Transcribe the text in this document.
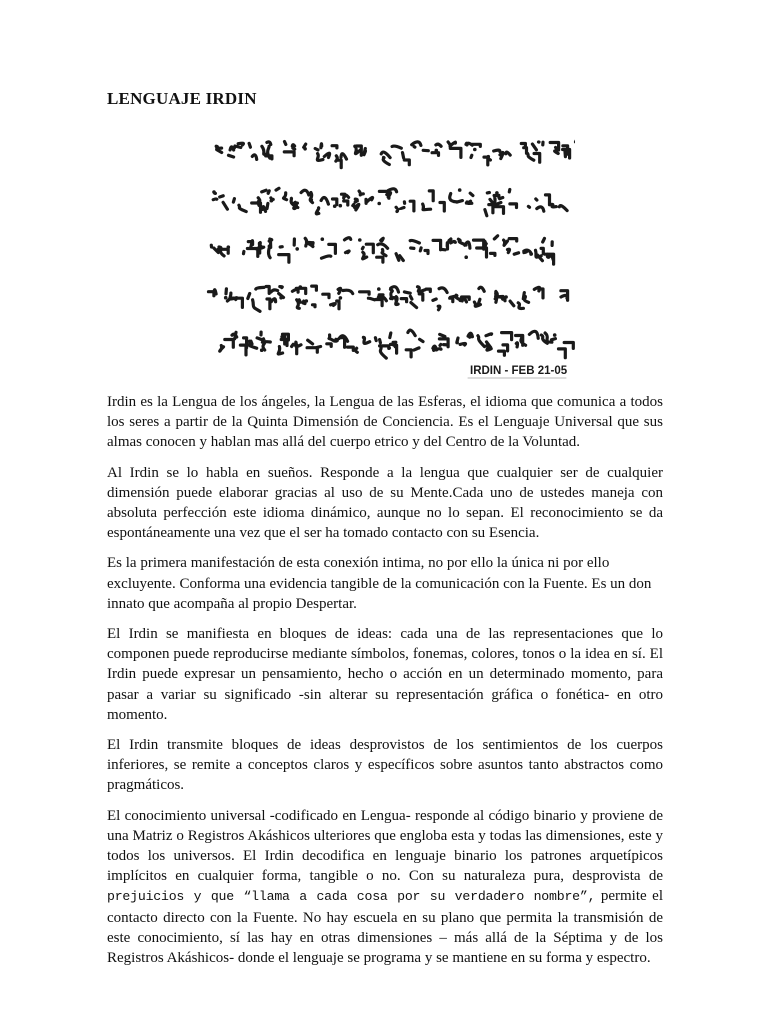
LENGUAJE IRDIN
IRDIN - FEB 21-05

Irdin es la Lengua de los ángeles, la Lengua de las Esferas, el idioma que comunica a todos los seres a partir de la Quinta Dimensión de Conciencia. Es el Lenguaje Universal que sus almas conocen y hablan mas allá del cuerpo etrico y del Centro de la Voluntad.

Al Irdin se lo habla en sueños. Responde a la lengua que cualquier ser de cualquier dimensión puede elaborar gracias al uso de su Mente.Cada uno de ustedes maneja con absoluta perfección este idioma dinámico, aunque no lo sepan. El reconocimiento se da espontáneamente una vez que el ser ha tomado contacto con su Esencia.

Es la primera manifestación de esta conexión intima, no por ello la única ni por ello excluyente. Conforma una evidencia tangible de la comunicación con la Fuente. Es un don innato que acompaña al propio Despertar.

El Irdin se manifiesta en bloques de ideas: cada una de las representaciones que lo componen puede reproducirse mediante símbolos, fonemas, colores, tonos o la idea en sí. El Irdin puede expresar un pensamiento, hecho o acción en un determinado momento, para pasar a variar su significado -sin alterar su representación gráfica o fonética- en otro momento.

El Irdin transmite bloques de ideas desprovistos de los sentimientos de los cuerpos inferiores, se remite a conceptos claros y específicos sobre asuntos tanto abstractos como pragmáticos.

El conocimiento universal -codificado en Lengua- responde al código binario y proviene de una Matriz o Registros Akáshicos ulteriores que engloba esta y todas las dimensiones, este y todos los universos. El Irdin decodifica en lenguaje binario los patrones arquetípicos implícitos en cualquier forma, tangible o no. Con su naturaleza pura, desprovista de prejuicios y que “llama a cada cosa por su verdadero nombre”, permite el contacto directo con la Fuente. No hay escuela en su plano que permita la transmisión de este conocimiento, sí las hay en otras dimensiones – más allá de la Séptima y de los Registros Akáshicos- donde el lenguaje se programa y se mantiene en su forma y espectro.
